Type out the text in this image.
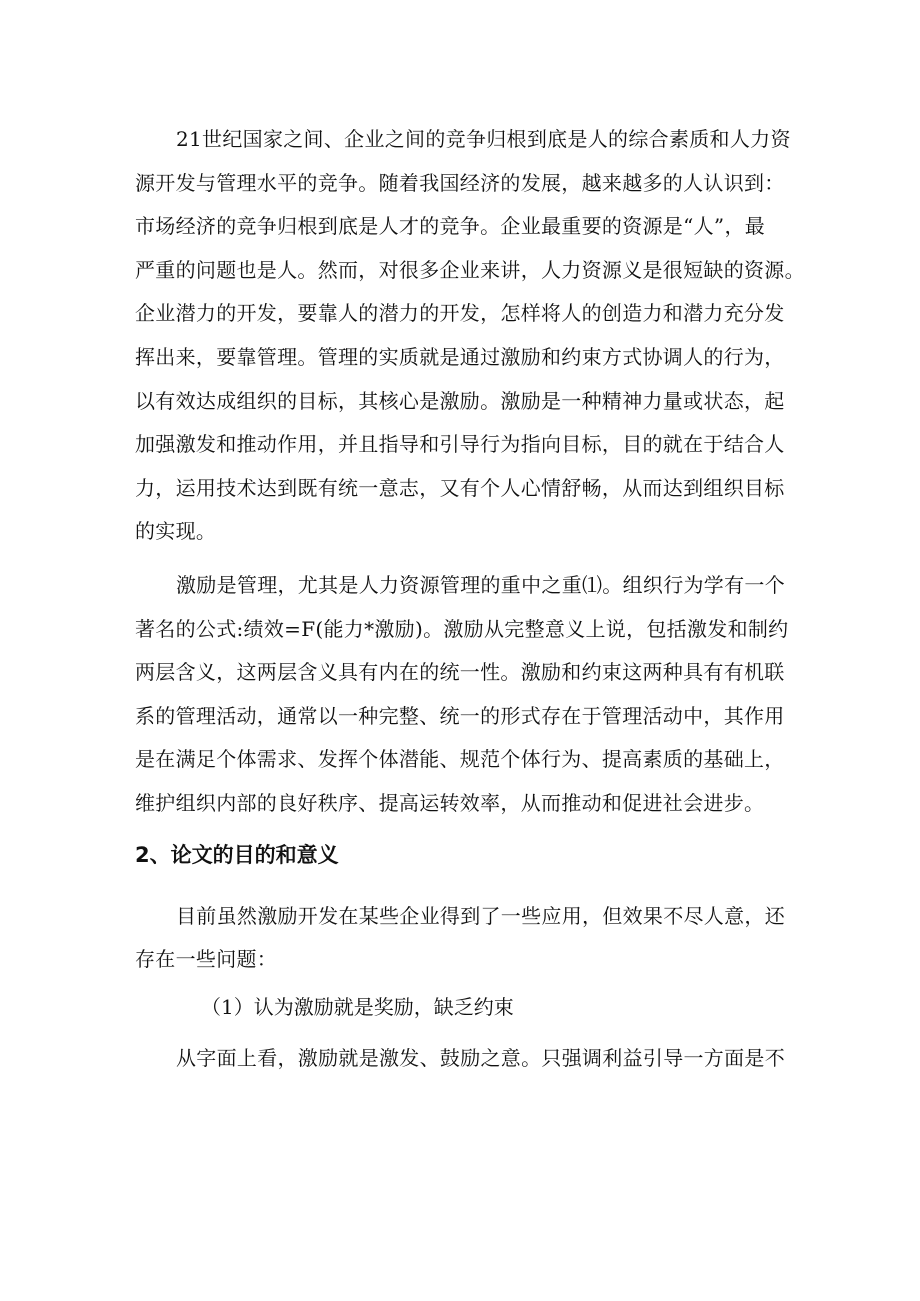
21世纪国家之间、企业之间的竞争归根到底是人的综合素质和人力资

源开发与管理水平的竞争。随着我国经济的发展，越来越多的人认识到：

市场经济的竞争归根到底是人才的竞争。企业最重要的资源是“人”，最

严重的问题也是人。然而，对很多企业来讲，人力资源义是很短缺的资源。

企业潜力的开发，要靠人的潜力的开发，怎样将人的创造力和潜力充分发

挥出来，要靠管理。管理的实质就是通过激励和约束方式协调人的行为，

以有效达成组织的目标，其核心是激励。激励是一种精神力量或状态，起

加强激发和推动作用，并且指导和引导行为指向目标，目的就在于结合人

力，运用技术达到既有统一意志，又有个人心情舒畅，从而达到组织目标

的实现。

激励是管理，尤其是人力资源管理的重中之重⑴。组织行为学有一个

著名的公式:绩效=F(能力*激励)。激励从完整意义上说，包括激发和制约

两层含义，这两层含义具有内在的统一性。激励和约束这两种具有有机联

系的管理活动，通常以一种完整、统一的形式存在于管理活动中，其作用

是在满足个体需求、发挥个体潜能、规范个体行为、提高素质的基础上，

维护组织内部的良好秩序、提高运转效率，从而推动和促进社会进步。

2、论文的目的和意义

目前虽然激励开发在某些企业得到了一些应用，但效果不尽人意，还

存在一些问题：

（1）认为激励就是奖励，缺乏约束

从字面上看，激励就是激发、鼓励之意。只强调利益引导一方面是不
